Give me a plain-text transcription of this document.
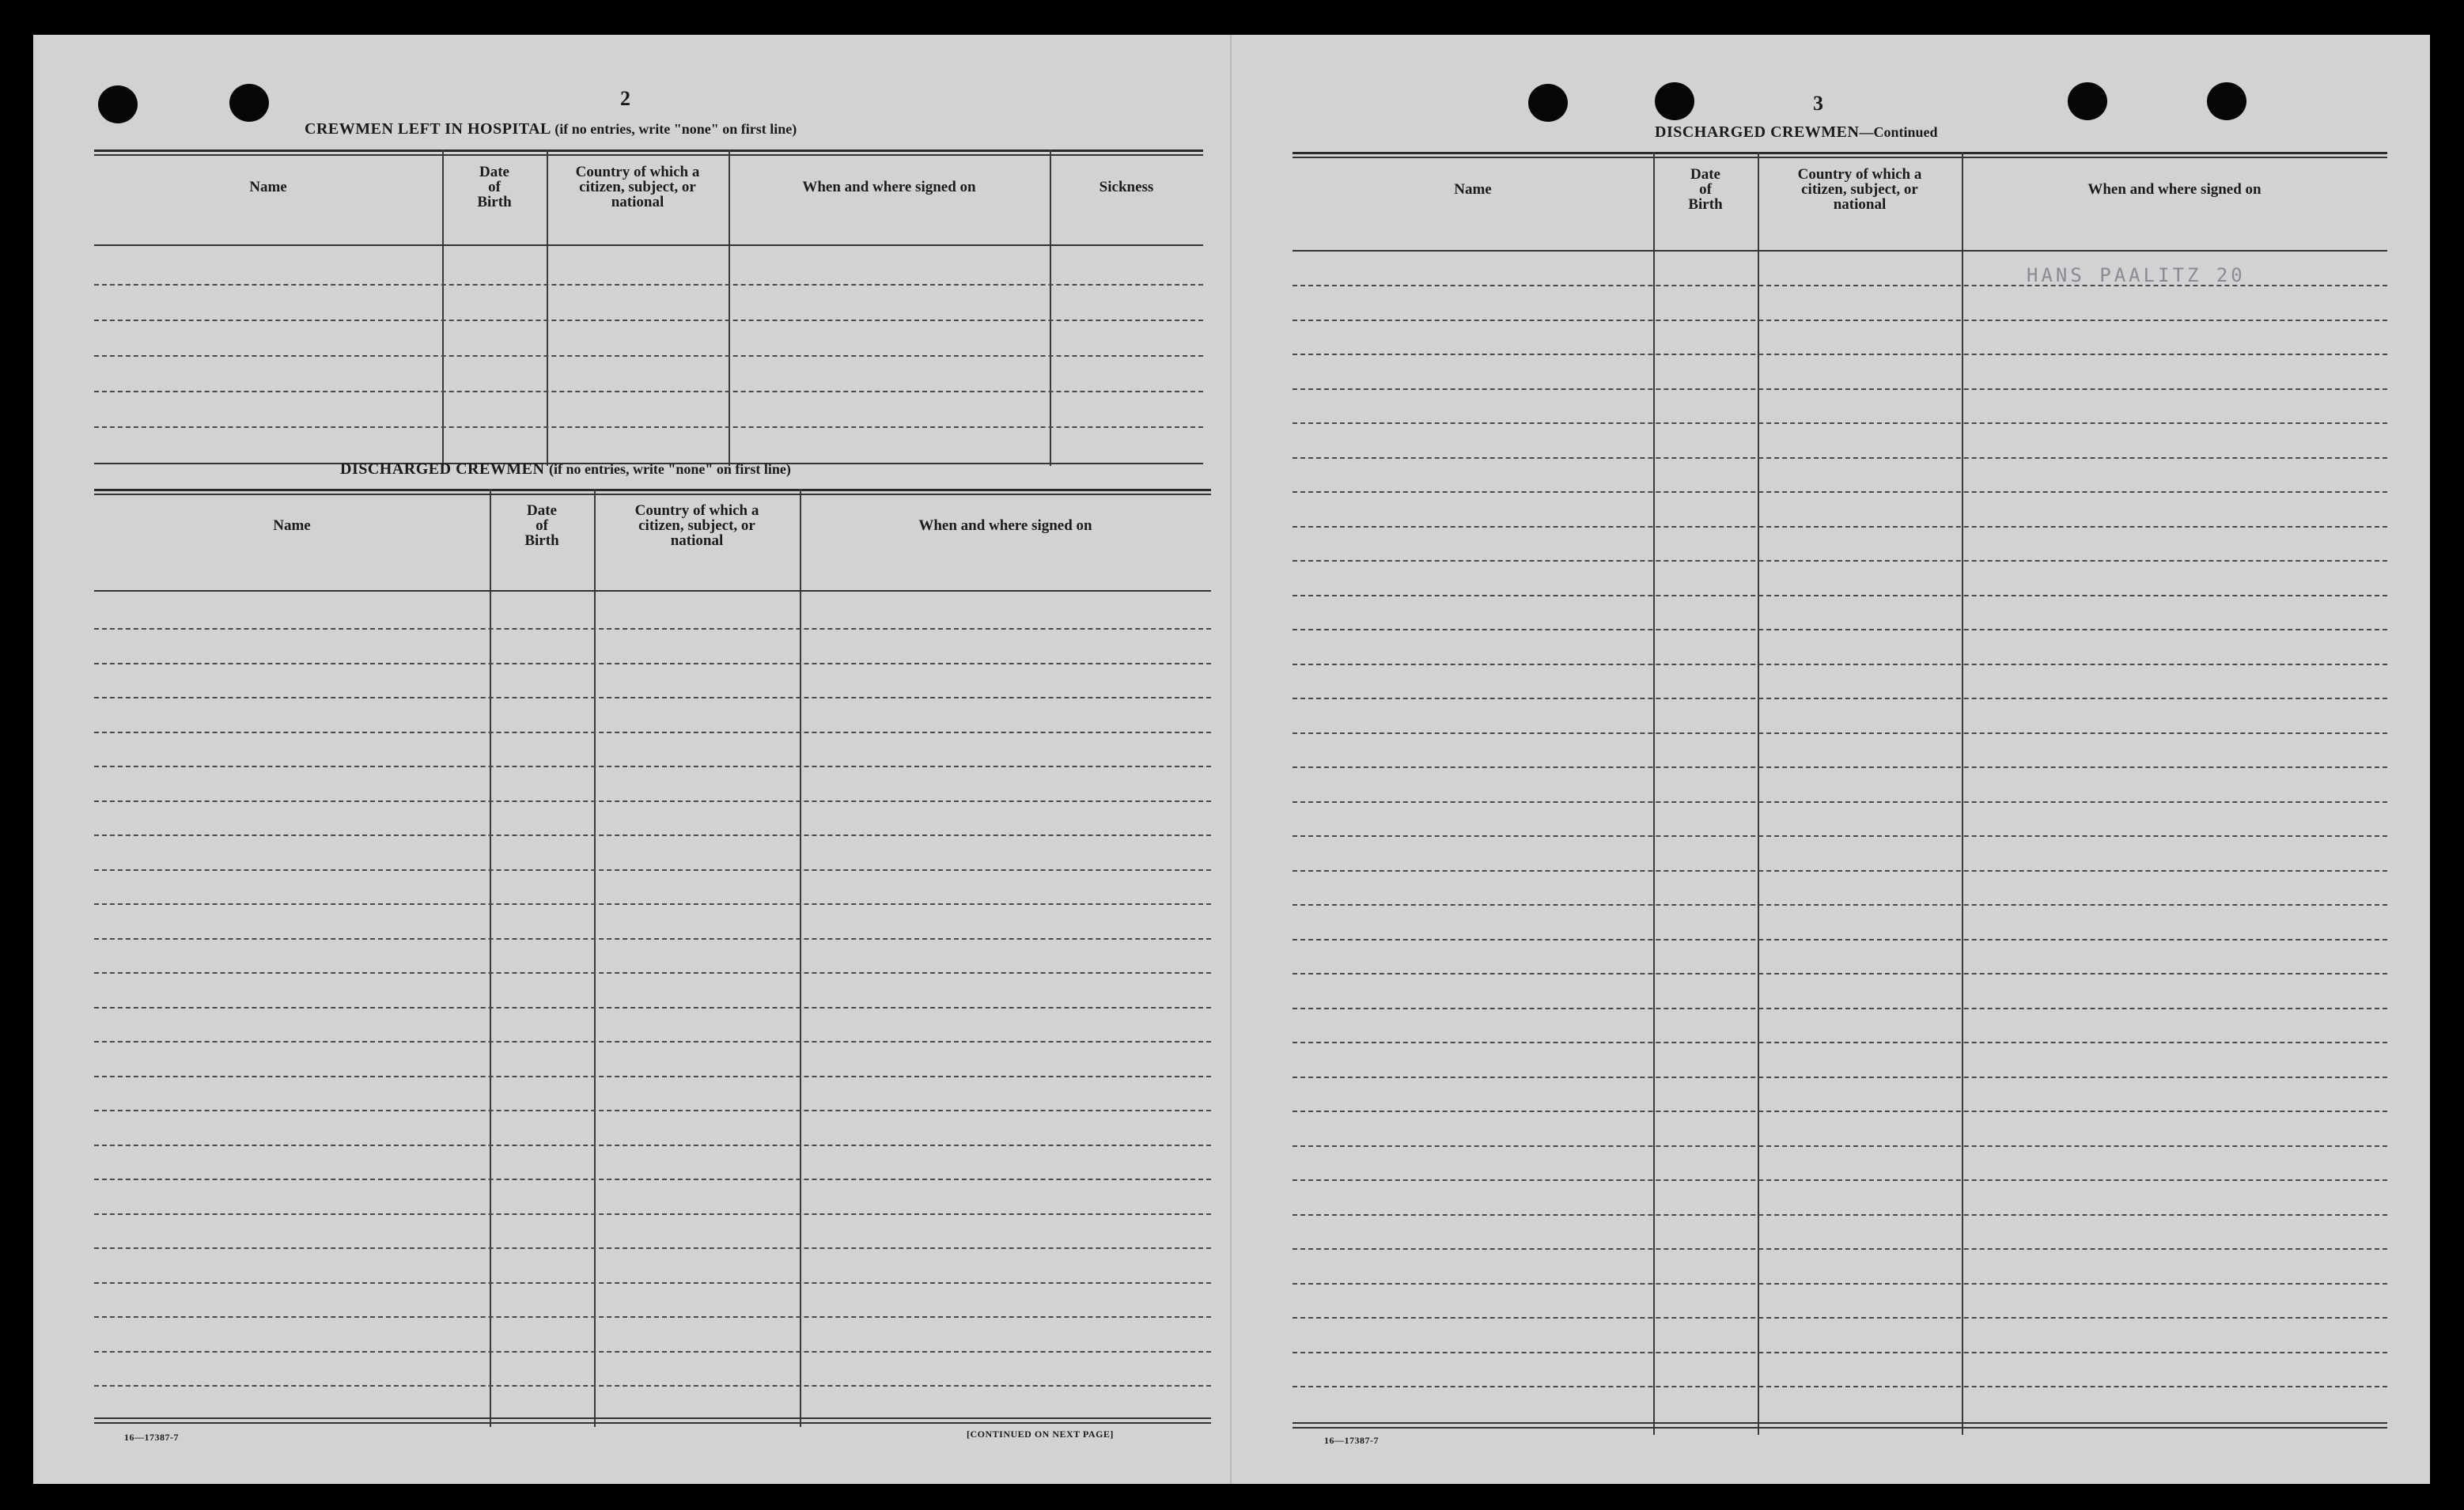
2
CREWMEN LEFT IN HOSPITAL (if no entries, write "none" on first line)
Name
Date
of
Birth
Country of which a
citizen, subject, or
national
When and where signed on	Sickness
DISCHARGED CREWMEN (if no entries, write "none" on first line)
Name
Date
of
Birth
Country of which a
citizen, subject, or
national
When and where signed on
16—17387-7	[CONTINUED ON NEXT PAGE]
3
DISCHARGED CREWMEN—Continued
Name
Date
of
Birth
Country of which a
citizen, subject, or
national
When and where signed on
HANS PAALITZ 20
16—17387-7
